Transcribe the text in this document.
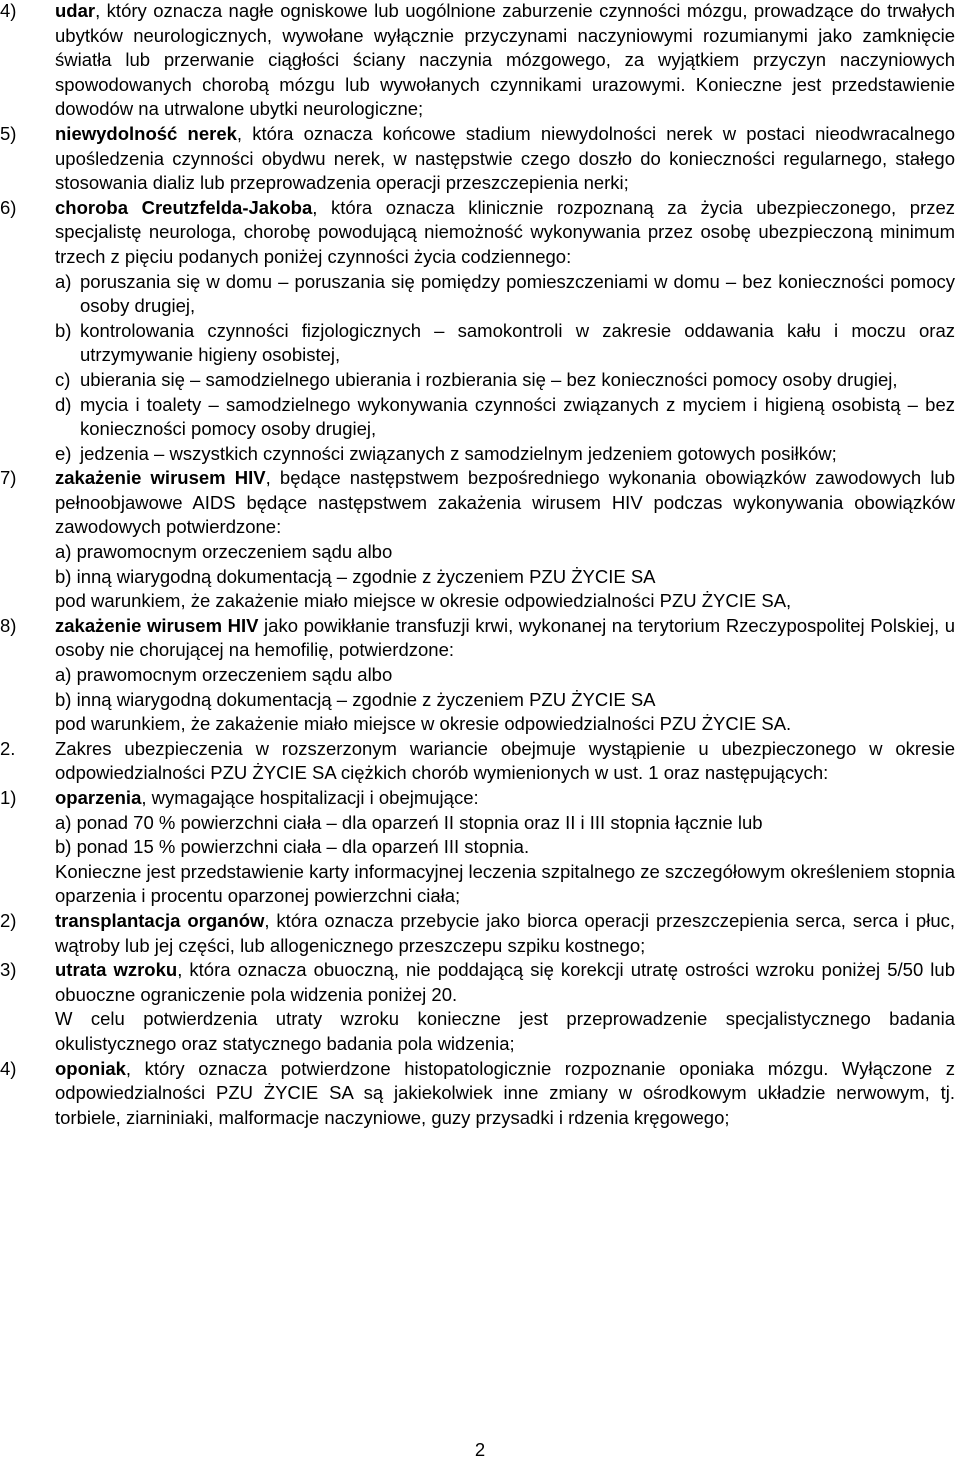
4)	udar, który oznacza nagłe ogniskowe lub uogólnione zaburzenie czynności mózgu, prowadzące do trwałych ubytków neurologicznych, wywołane wyłącznie przyczynami naczyniowymi rozumianymi jako zamknięcie światła lub przerwanie ciągłości ściany naczynia mózgowego, za wyjątkiem przyczyn naczyniowych spowodowanych chorobą mózgu lub wywołanych czynnikami urazowymi. Konieczne jest przedstawienie dowodów na utrwalone ubytki neurologiczne;
5)	niewydolność nerek, która oznacza końcowe stadium niewydolności nerek w postaci nieodwracalnego upośledzenia czynności obydwu nerek, w następstwie czego doszło do konieczności regularnego, stałego stosowania dializ lub przeprowadzenia operacji przeszczepienia nerki;
6)	choroba Creutzfelda-Jakoba, która oznacza klinicznie rozpoznaną za życia ubezpieczonego, przez specjalistę neurologa, chorobę powodującą niemożność wykonywania przez osobę ubezpieczoną minimum trzech z pięciu podanych poniżej czynności życia codziennego:
a) poruszania się w domu – poruszania się pomiędzy pomieszczeniami w domu – bez konieczności pomocy osoby drugiej,
b) kontrolowania czynności fizjologicznych – samokontroli w zakresie oddawania kału i moczu oraz utrzymywanie higieny osobistej,
c) ubierania się – samodzielnego ubierania i rozbierania się – bez konieczności pomocy osoby drugiej,
d) mycia i toalety – samodzielnego wykonywania czynności związanych z myciem i higieną osobistą – bez konieczności pomocy osoby drugiej,
e) jedzenia – wszystkich czynności związanych z samodzielnym jedzeniem gotowych posiłków;
7)	zakażenie wirusem HIV, będące następstwem bezpośredniego wykonania obowiązków zawodowych lub pełnoobjawowe AIDS będące następstwem zakażenia wirusem HIV podczas wykonywania obowiązków zawodowych potwierdzone:
a) prawomocnym orzeczeniem sądu albo
b) inną wiarygodną dokumentacją – zgodnie z życzeniem PZU ŻYCIE SA
pod warunkiem, że zakażenie miało miejsce w okresie odpowiedzialności PZU ŻYCIE SA,
8)	zakażenie wirusem HIV jako powikłanie transfuzji krwi, wykonanej na terytorium Rzeczypospolitej Polskiej, u osoby nie chorującej na hemofilię, potwierdzone:
a) prawomocnym orzeczeniem sądu albo
b) inną wiarygodną dokumentacją – zgodnie z życzeniem PZU ŻYCIE SA
pod warunkiem, że zakażenie miało miejsce w okresie odpowiedzialności PZU ŻYCIE SA.
2.	Zakres ubezpieczenia w rozszerzonym wariancie obejmuje wystąpienie u ubezpieczonego w okresie odpowiedzialności PZU ŻYCIE SA ciężkich chorób wymienionych w ust. 1 oraz następujących:
1)	oparzenia, wymagające hospitalizacji i obejmujące:
a) ponad 70 % powierzchni ciała – dla oparzeń II stopnia oraz II i III stopnia łącznie lub
b) ponad 15 % powierzchni ciała – dla oparzeń III stopnia.
Konieczne jest przedstawienie karty informacyjnej leczenia szpitalnego ze szczegółowym określeniem stopnia oparzenia i procentu oparzonej powierzchni ciała;
2)	transplantacja organów, która oznacza przebycie jako biorca operacji przeszczepienia serca, serca i płuc, wątroby lub jej części, lub allogenicznego przeszczepu szpiku kostnego;
3)	utrata wzroku, która oznacza obuoczną, nie poddającą się korekcji utratę ostrości wzroku poniżej 5/50 lub obuoczne ograniczenie pola widzenia poniżej 20.
W celu potwierdzenia utraty wzroku konieczne jest przeprowadzenie specjalistycznego badania okulistycznego oraz statycznego badania pola widzenia;
4)	oponiak, który oznacza potwierdzone histopatologicznie rozpoznanie oponiaka mózgu. Wyłączone z odpowiedzialności PZU ŻYCIE SA są jakiekolwiek inne zmiany w ośrodkowym układzie nerwowym, tj. torbiele, ziarniniaki, malformacje naczyniowe, guzy przysadki i rdzenia kręgowego;
2
